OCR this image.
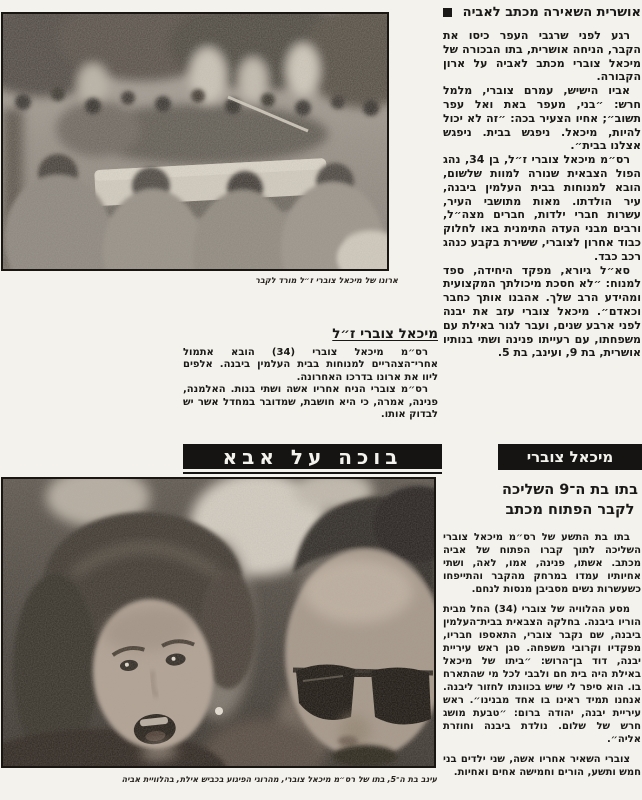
ארונו של מיכאל צוברי ז״ל מורד לקבר
אושרית השאירה מכתב לאביה

רגע לפני שרגבי העפר כיסו את הקבר, הניחה אושרית, בתו הבכורה של מיכאל צוברי מכתב לאביה על ארון הקבורה.

אביו הישיש, עמרם צוברי, מלמל חרש: ״בני, מעפר באת ואל עפר תשוב״; אחיו הצעיר בכה: ״זה לא יכול להיות, מיכאל. ניפגש בבית. ניפגש אצלנו בבית״.

רס״מ מיכאל צוברי ז״ל, בן 34, נהג הפול הצבאית שנורה למוות שלשום, הובא למנוחות בבית העלמין ביבנה, עיר הולדתו. מאות מתושבי העיר, עשרות חברי ילדות, חברים מצה״ל, ורבים מבני העדה התימנית באו לחלוק כבוד אחרון לצוברי, ששירת בקבע כנהג רכב כבד.

סא״ל גיורא, מפקד היחידה, ספד למנוח: ״לא חסכת מיכולתך המקצועית ומהידע הרב שלך. אהבנו אותך כחבר וכאדם״. מיכאל צוברי עזב את יבנה לפני ארבע שנים, ועבר לגור באילת עם משפחתו, עם רעייתו פנינה ושתי בנותיו אושרית, בת 9, ועינב, בת 5.

מיכאל צוברי ז״ל

רס״מ מיכאל צוברי (34) הובא אתמול אחרי־הצהריים למנוחות בבית העלמין ביבנה. אלפים ליוו את ארונו בדרכו האחרונה.

רס״מ צוברי הניח אחריו אשה ושתי בנות. האלמנה, פנינה, אמרה, כי היא חושבת, שמדובר במחדל אשר יש לבדוק אותו.

בוכה על אבא	מיכאל צוברי
בתו בת ה־9 השליכה
לקבר הפתוח מכתב

בתו בת התשע של רס״מ מיכאל צוברי השליכה לתוך קברו הפתוח של אביה מכתב. אשתו, פנינה, אמו, לאה, ושתי אחיותיו עמדו במרחק מהקבר והתייפחו כשעשרות נשים מסביבן מנסות לנחם.

מסע ההלוויה של צוברי (34) החל מבית הוריו ביבנה. בחלקה הצבאית בבית־העלמין ביבנה, שם נקבר צוברי, התאספו חבריו, מפקדיו וקרובי משפחה. סגן ראש עיריית יבנה, דוד בן־הרוש: ״ביתו של מיכאל באילת היה בית חם ולבבי לכל מי שהתארח בו. הוא סיפר לי שיש בכוונתו לחזור ליבנה. אנחנו תמיד ראינו בו אחד מבנינו״. ראש עיריית יבנה, יהודה ברום: ״טבעת מושג חרש של שלום. נולדת ביבנה וחוזרת אליה״.

צוברי השאיר אחריו אשה, שני ילדים בני חמש ותשע, הורים וחמישה אחים ואחיות.

עינב בת ה־5, בתו של רס״מ מיכאל צוברי, מהרוגי הפיגוע בכביש אילת, בהלוויית אביה
